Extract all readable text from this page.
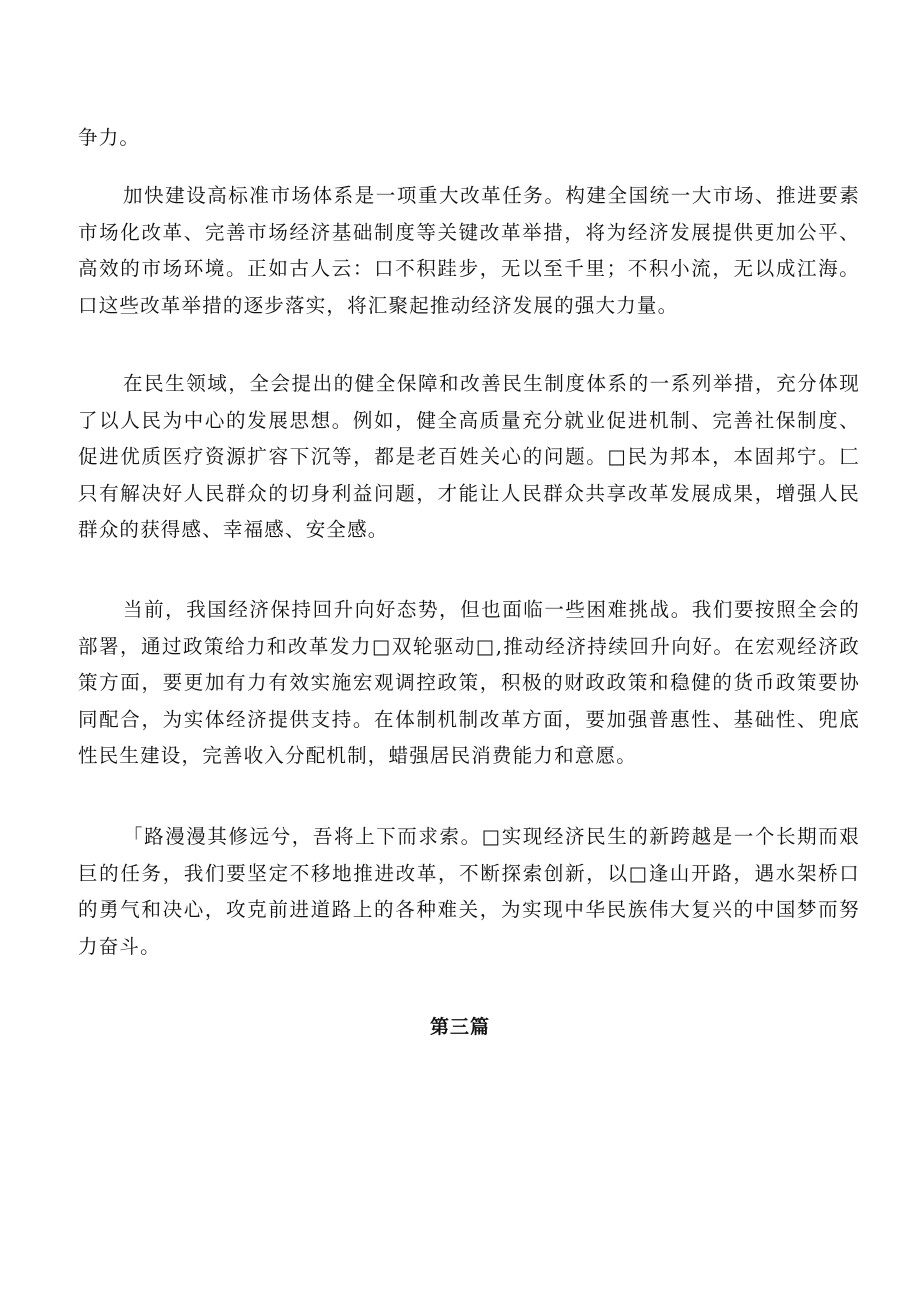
争力。

加快建设高标准市场体系是一项重大改革任务。构建全国统一大市场、推进要素市场化改革、完善市场经济基础制度等关键改革举措，将为经济发展提供更加公平、高效的市场环境。正如古人云：口不积跬步，无以至千里；不积小流，无以成江海。口这些改革举措的逐步落实，将汇聚起推动经济发展的强大力量。

在民生领域，全会提出的健全保障和改善民生制度体系的一系列举措，充分体现了以人民为中心的发展思想。例如，健全高质量充分就业促进机制、完善社保制度、促进优质医疗资源扩容下沉等，都是老百姓关心的问题。□民为邦本，本固邦宁。匚只有解决好人民群众的切身利益问题，才能让人民群众共享改革发展成果，增强人民群众的获得感、幸福感、安全感。

当前，我国经济保持回升向好态势，但也面临一些困难挑战。我们要按照全会的部署，通过政策给力和改革发力□双轮驱动□,推动经济持续回升向好。在宏观经济政策方面，要更加有力有效实施宏观调控政策，积极的财政政策和稳健的货币政策要协同配合，为实体经济提供支持。在体制机制改革方面，要加强普惠性、基础性、兜底性民生建设，完善收入分配机制，蜡强居民消费能力和意愿。

「路漫漫其修远兮，吾将上下而求索。□实现经济民生的新跨越是一个长期而艰巨的任务，我们要坚定不移地推进改革，不断探索创新，以□逢山开路，遇水架桥口的勇气和决心，攻克前进道路上的各种难关，为实现中华民族伟大复兴的中国梦而努力奋斗。

第三篇
